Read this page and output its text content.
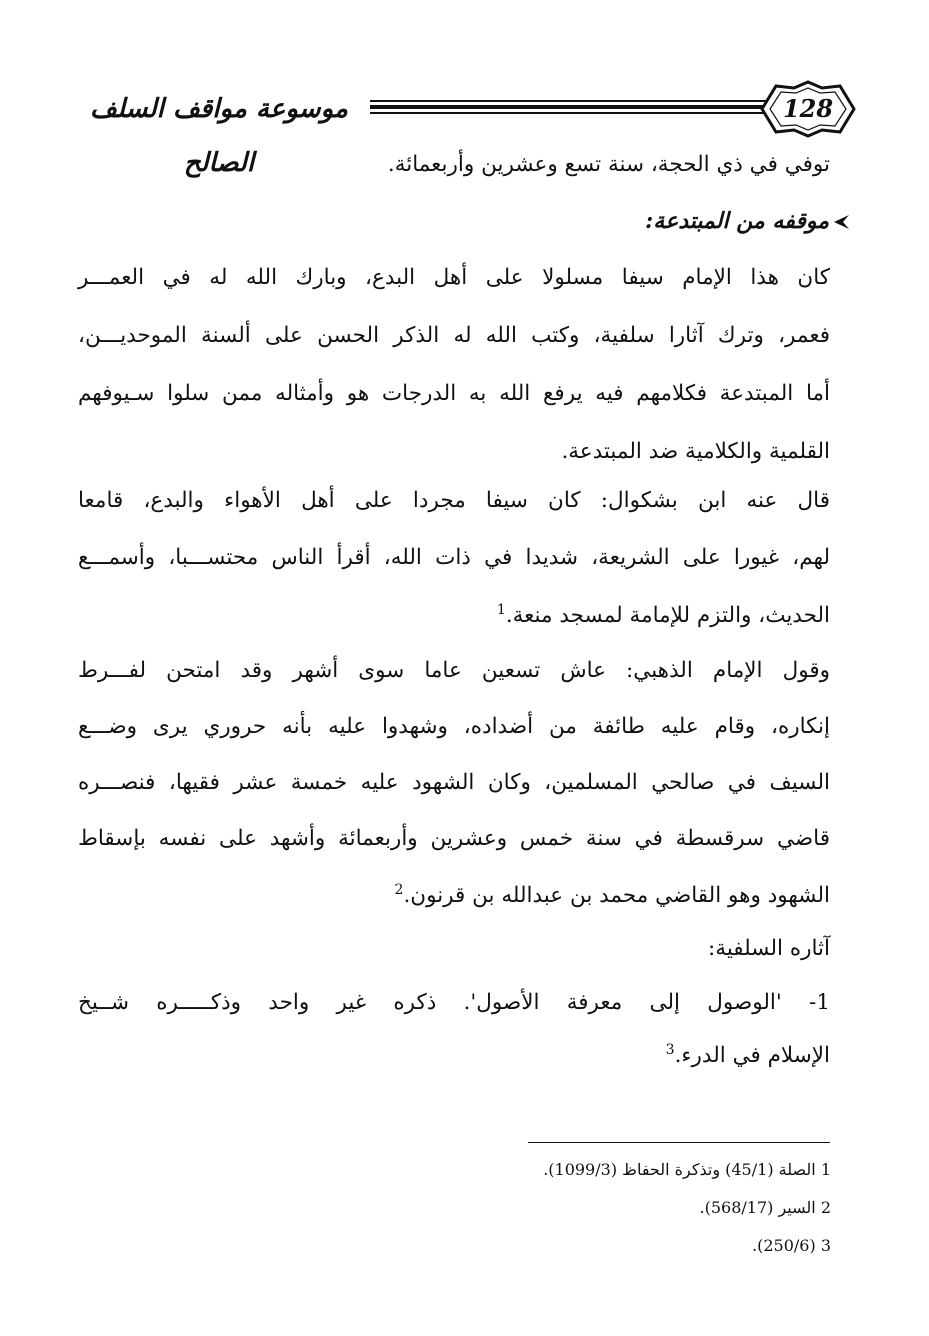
موسوعة مواقف السلف الصالح
128
توفي في ذي الحجة، سنة تسع وعشرين وأربعمائة.
موقفه من المبتدعة:
كان هذا الإمام سيفا مسلولا على أهل البدع، وبارك الله له في العمـــر
فعمر، وترك آثارا سلفية، وكتب الله له الذكر الحسن على ألسنة الموحديـــن،
أما المبتدعة فكلامهم فيه يرفع الله به الدرجات هو وأمثاله ممن سلوا سـيوفهم
القلمية والكلامية ضد المبتدعة.
قال عنه ابن بشكوال: كان سيفا مجردا على أهل الأهواء والبدع، قامعا
لهم، غيورا على الشريعة، شديدا في ذات الله، أقرأ الناس محتســـبا، وأسمـــع
الحديث، والتزم للإمامة لمسجد منعة.$^1$
وقول الإمام الذهبي: عاش تسعين عاما سوى أشهر وقد امتحن لفـــرط
إنكاره، وقام عليه طائفة من أضداده، وشهدوا عليه بأنه حروري يرى وضـــع
السيف في صالحي المسلمين، وكان الشهود عليه خمسة عشر فقيها، فنصـــره
قاضي سرقسطة في سنة خمس وعشرين وأربعمائة وأشهد على نفسه بإسقاط
الشهود وهو القاضي محمد بن عبدالله بن قرنون.$^2$
آثاره السلفية:
1- 'الوصول إلى معرفة الأصول'. ذكره غير واحد وذكـــــره شــيخ
الإسلام في الدرء.$^3$
1 الصلة (45/1) وتذكرة الحفاظ (1099/3).
2 السير (568/17).
3 (250/6).
